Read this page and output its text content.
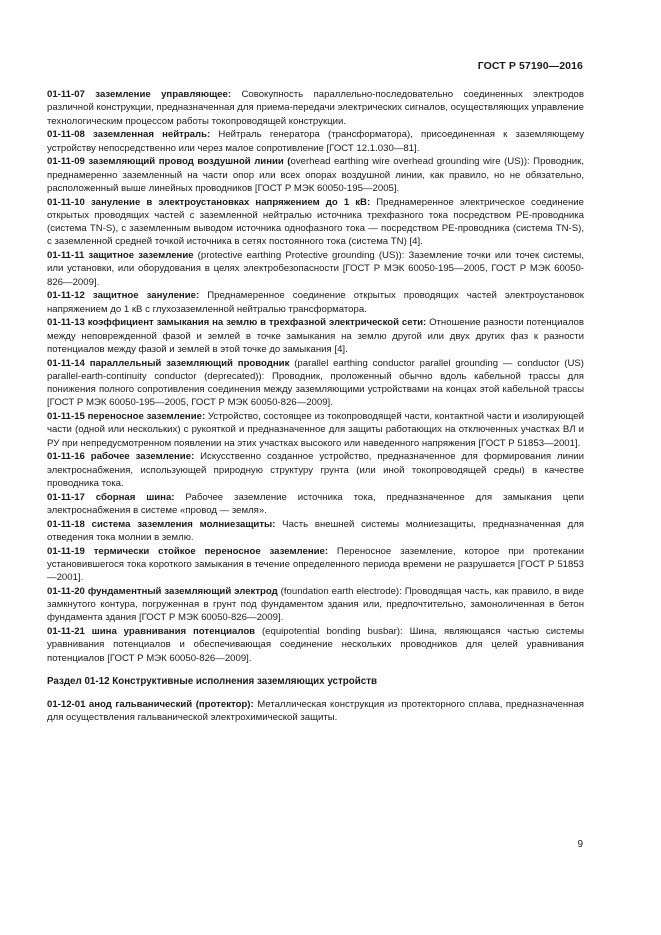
ГОСТ Р 57190—2016

01-11-07 заземление управляющее: Совокупность параллельно-последовательно соединенных электродов различной конструкции, предназначенная для приема-передачи электрических сигналов, осуществляющих управление технологическим процессом работы токопроводящей конструкции.

01-11-08 заземленная нейтраль: Нейтраль генератора (трансформатора), присоединенная к заземляющему устройству непосредственно или через малое сопротивление [ГОСТ 12.1.030—81].

01-11-09 заземляющий провод воздушной линии (overhead earthing wire overhead grounding wire (US)): Проводник, преднамеренно заземленный на части опор или всех опорах воздушной линии, как правило, но не обязательно, расположенный выше линейных проводников [ГОСТ Р МЭК 60050-195—2005].

01-11-10 зануление в электроустановках напряжением до 1 кВ: Преднамеренное электрическое соединение открытых проводящих частей с заземленной нейтралью источника трехфазного тока посредством PE-проводника (система TN-S), с заземленным выводом источника однофазного тока — посредством PE-проводника (система TN-S), с заземленной средней точкой источника в сетях постоянного тока (система TN) [4].

01-11-11 защитное заземление (protective earthing Protective grounding (US)): Заземление точки или точек системы, или установки, или оборудования в целях электробезопасности [ГОСТ Р МЭК 60050-195—2005, ГОСТ Р МЭК 60050-826—2009].

01-11-12 защитное зануление: Преднамеренное соединение открытых проводящих частей электроустановок напряжением до 1 кВ с глухозаземленной нейтралью трансформатора.

01-11-13 коэффициент замыкания на землю в трехфазной электрической сети: Отношение разности потенциалов между неповрежденной фазой и землей в точке замыкания на землю другой или двух других фаз к разности потенциалов между фазой и землей в этой точке до замыкания [4].

01-11-14 параллельный заземляющий проводник (parallel earthing conductor parallel grounding — conductor (US) parallel-earth-continuity conductor (deprecated)): Проводник, проложенный обычно вдоль кабельной трассы для понижения полного сопротивления соединения между заземляющими устройствами на концах этой кабельной трассы [ГОСТ Р МЭК 60050-195—2005, ГОСТ Р МЭК 60050-826—2009].

01-11-15 переносное заземление: Устройство, состоящее из токопроводящей части, контактной части и изолирующей части (одной или нескольких) с рукояткой и предназначенное для защиты работающих на отключенных участках ВЛ и РУ при непредусмотренном появлении на этих участках высокого или наведенного напряжения [ГОСТ Р 51853—2001].

01-11-16 рабочее заземление: Искусственно созданное устройство, предназначенное для формирования линии электроснабжения, использующей природную структуру грунта (или иной токопроводящей среды) в качестве проводника тока.

01-11-17 сборная шина: Рабочее заземление источника тока, предназначенное для замыкания цепи электроснабжения в системе «провод — земля».

01-11-18 система заземления молниезащиты: Часть внешней системы молниезащиты, предназначенная для отведения тока молнии в землю.

01-11-19 термически стойкое переносное заземление: Переносное заземление, которое при протекании установившегося тока короткого замыкания в течение определенного периода времени не разрушается [ГОСТ Р 51853—2001].

01-11-20 фундаментный заземляющий электрод (foundation earth electrode): Проводящая часть, как правило, в виде замкнутого контура, погруженная в грунт под фундаментом здания или, предпочтительно, замоноличенная в бетон фундамента здания [ГОСТ Р МЭК 60050-826—2009].

01-11-21 шина уравнивания потенциалов (equipotential bonding busbar): Шина, являющаяся частью системы уравнивания потенциалов и обеспечивающая соединение нескольких проводников для целей уравнивания потенциалов [ГОСТ Р МЭК 60050-826—2009].

Раздел 01-12 Конструктивные исполнения заземляющих устройств

01-12-01 анод гальванический (протектор): Металлическая конструкция из протекторного сплава, предназначенная для осуществления гальванической электрохимической защиты.

9
